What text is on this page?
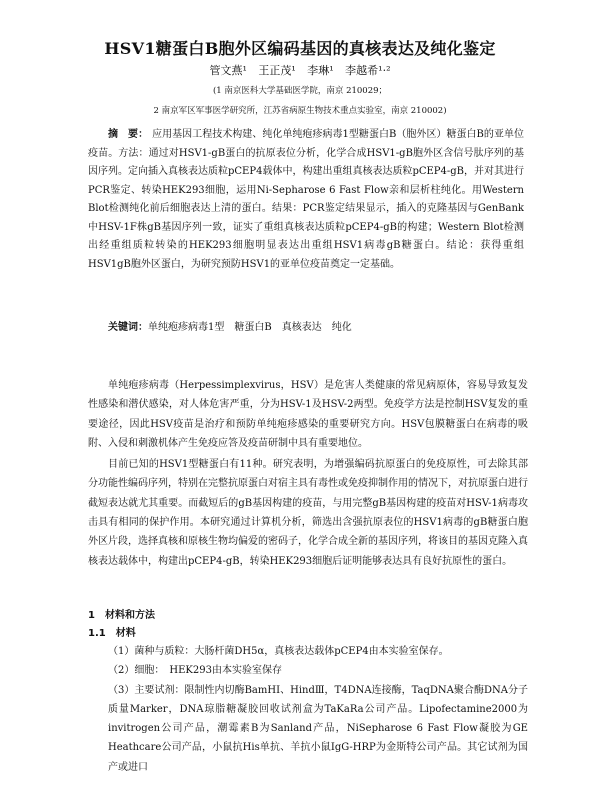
HSV1糖蛋白B胞外区编码基因的真核表达及纯化鉴定
管文燕¹ 王正茂¹ 李琳¹ 李越希¹·²
(1 南京医科大学基础医学院，南京 210029；
2 南京军区军事医学研究所，江苏省病原生物技术重点实验室，南京 210002)
摘　要： 应用基因工程技术构建、纯化单纯疱疹病毒1型糖蛋白B（胞外区）糖蛋白B的亚单位疫苗。方法：通过对HSV1-gB蛋白的抗原表位分析，化学合成HSV1-gB胞外区含信号肽序列的基因序列。定向插入真核表达质粒pCEP4载体中，构建出重组真核表达质粒pCEP4-gB，并对其进行PCR鉴定、转染HEK293细胞，运用Ni-Sepharose 6 Fast Flow亲和层析柱纯化。用Western Blot检测纯化前后细胞表达上清的蛋白。结果：PCR鉴定结果显示，插入的克隆基因与GenBank中HSV-1F株gB基因序列一致，证实了重组真核表达质粒pCEP4-gB的构建；Western Blot检测出经重组质粒转染的HEK293细胞明显表达出重组HSV1病毒gB糖蛋白。结论：获得重组HSV1gB胞外区蛋白，为研究预防HSV1的亚单位疫苗奠定一定基础。
关键词：单纯疱疹病毒1型　糖蛋白B　真核表达　纯化

单纯疱疹病毒（Herpessimplexvirus，HSV）是危害人类健康的常见病原体，容易导致复发性感染和潜伏感染，对人体危害严重，分为HSV-1及HSV-2两型。免疫学方法是控制HSV复发的重要途径，因此HSV疫苗是治疗和预防单纯疱疹感染的重要研究方向。HSV包膜糖蛋白在病毒的吸附、入侵和刺激机体产生免疫应答及疫苗研制中具有重要地位。

目前已知的HSV1型糖蛋白有11种。研究表明，为增强编码抗原蛋白的免疫原性，可去除其部分功能性编码序列，特别在完整抗原蛋白对宿主具有毒性或免疫抑制作用的情况下，对抗原蛋白进行截短表达就尤其重要。而截短后的gB基因构建的疫苗，与用完整gB基因构建的疫苗对HSV-1病毒攻击具有相同的保护作用。本研究通过计算机分析，筛选出含强抗原表位的HSV1病毒的gB糖蛋白胞外区片段，选择真核和原核生物均偏爱的密码子，化学合成全新的基因序列，将该目的基因克隆入真核表达载体中，构建出pCEP4-gB，转染HEK293细胞后证明能够表达具有良好抗原性的蛋白。

1　材料和方法
1.1　材料

（1）菌种与质粒：大肠杆菌DH5α，真核表达载体pCEP4由本实验室保存。

（2）细胞：　HEK293由本实验室保存

（3）主要试剂：限制性内切酶BamHⅠ、HindⅢ，T4DNA连接酶，TaqDNA聚合酶DNA分子质量Marker，DNA琼脂糖凝胶回收试剂盒为TaKaRa公司产品。Lipofectamine2000为invitrogen公司产品，潮霉素B为Sanland产品，NiSepharose 6 Fast Flow凝胶为GE Heathcare公司产品，小鼠抗His单抗、羊抗小鼠IgG-HRP为金斯特公司产品。其它试剂为国产或进口
